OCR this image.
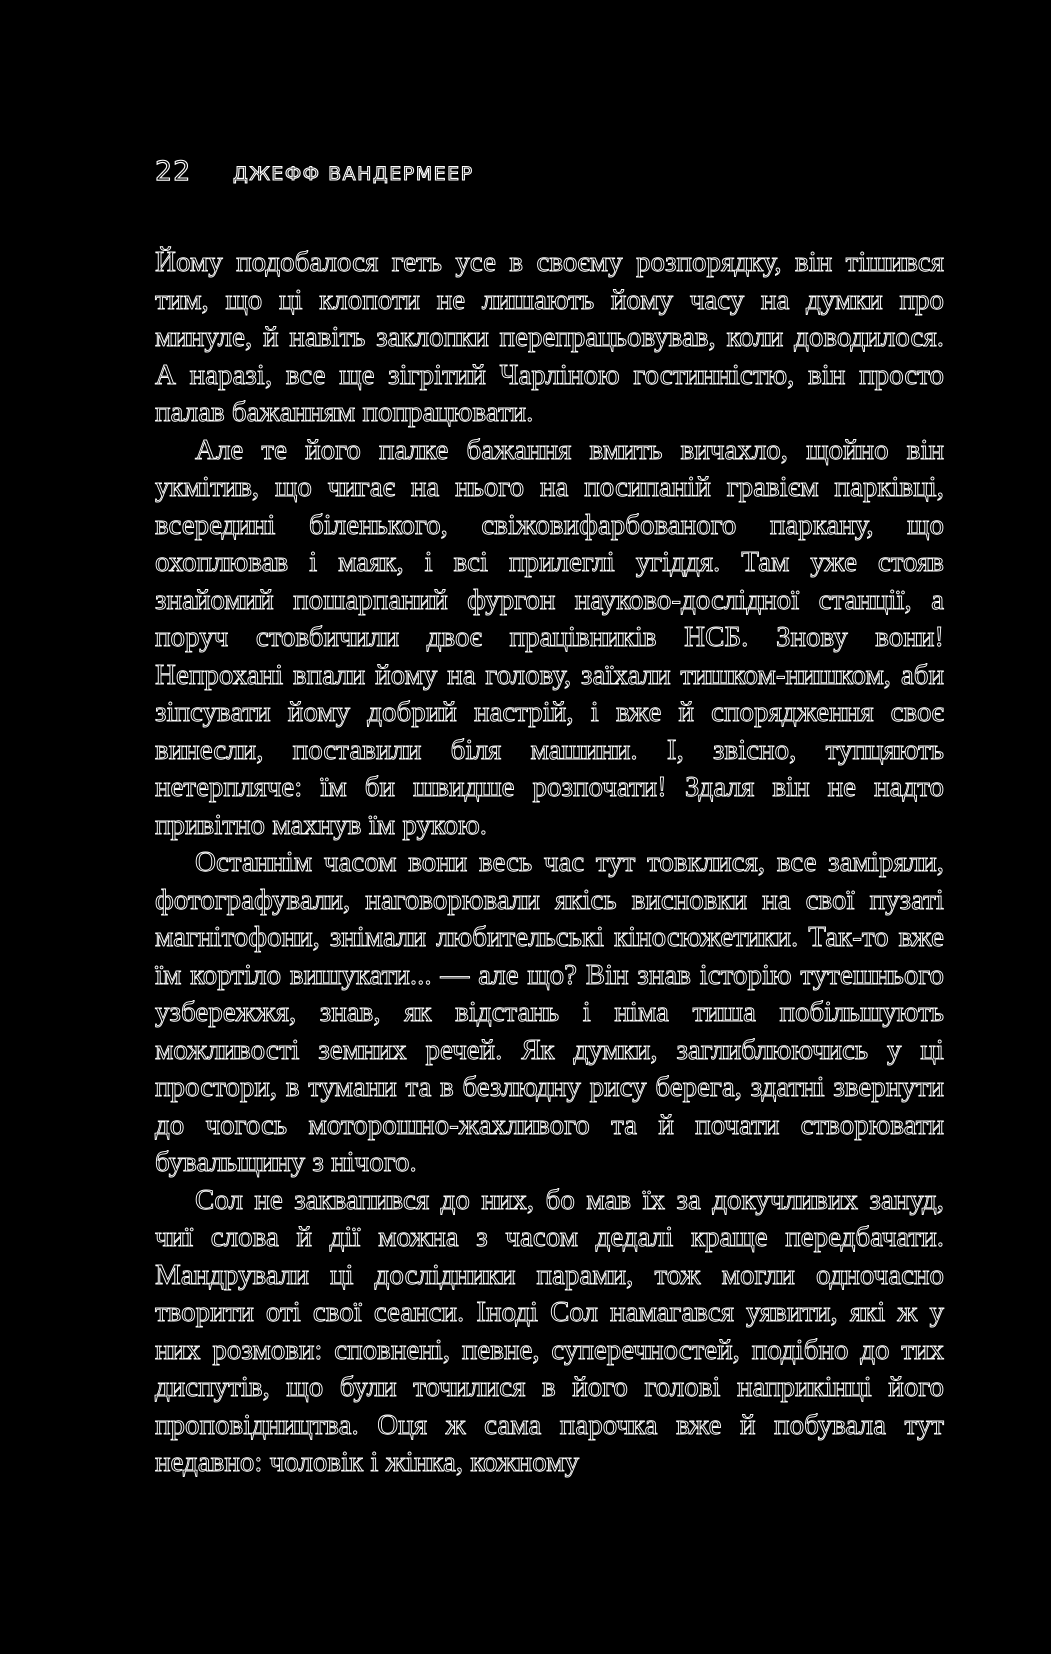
22	ДЖЕФФ ВАНДЕРМЕЕР

Йому подобалося геть усе в своєму розпорядку, він тішився тим, що ці клопоти не лишають йому часу на думки про минуле, й навіть заклопки перепрацьовував, коли доводилося. А наразі, все ще зігрітий Чарліною гостинністю, він просто палав бажанням попрацювати.

Але те його палке бажання вмить вичахло, щойно він укмітив, що чигає на нього на посипаній гравієм парківці, всередині біленького, свіжовифарбованого паркану, що охоплював і маяк, і всі прилеглі угіддя. Там уже стояв знайомий пошарпаний фургон науково-дослідної станції, а поруч стовбичили двоє працівників НСБ. Знову вони! Непрохані впали йому на голову, заїхали тишком-нишком, аби зіпсувати йому добрий настрій, і вже й спорядження своє винесли, поставили біля машини. І, звісно, тупцяють нетерпляче: їм би швидше розпочати! Здаля він не надто привітно махнув їм рукою.

Останнім часом вони весь час тут товклися, все заміряли, фотографували, наговорювали якісь висновки на свої пузаті магнітофони, знімали любительські кіносюжетики. Так-то вже їм кортіло вишукати... — але що? Він знав історію тутешнього узбережжя, знав, як відстань і німа тиша побільшують можливості земних речей. Як думки, заглиблюючись у ці простори, в тумани та в безлюдну рису берега, здатні звернути до чогось моторошно-жахливого та й почати створювати бувальщину з нічого.

Сол не заквапився до них, бо мав їх за докучливих зануд, чиї слова й дії можна з часом дедалі краще передбачати. Мандрували ці дослідники парами, тож могли одночасно творити оті свої сеанси. Іноді Сол намагався уявити, які ж у них розмови: сповнені, певне, суперечностей, подібно до тих диспутів, що були точилися в його голові наприкінці його проповідництва. Оця ж сама парочка вже й побувала тут недавно: чоловік і жінка, кожному
